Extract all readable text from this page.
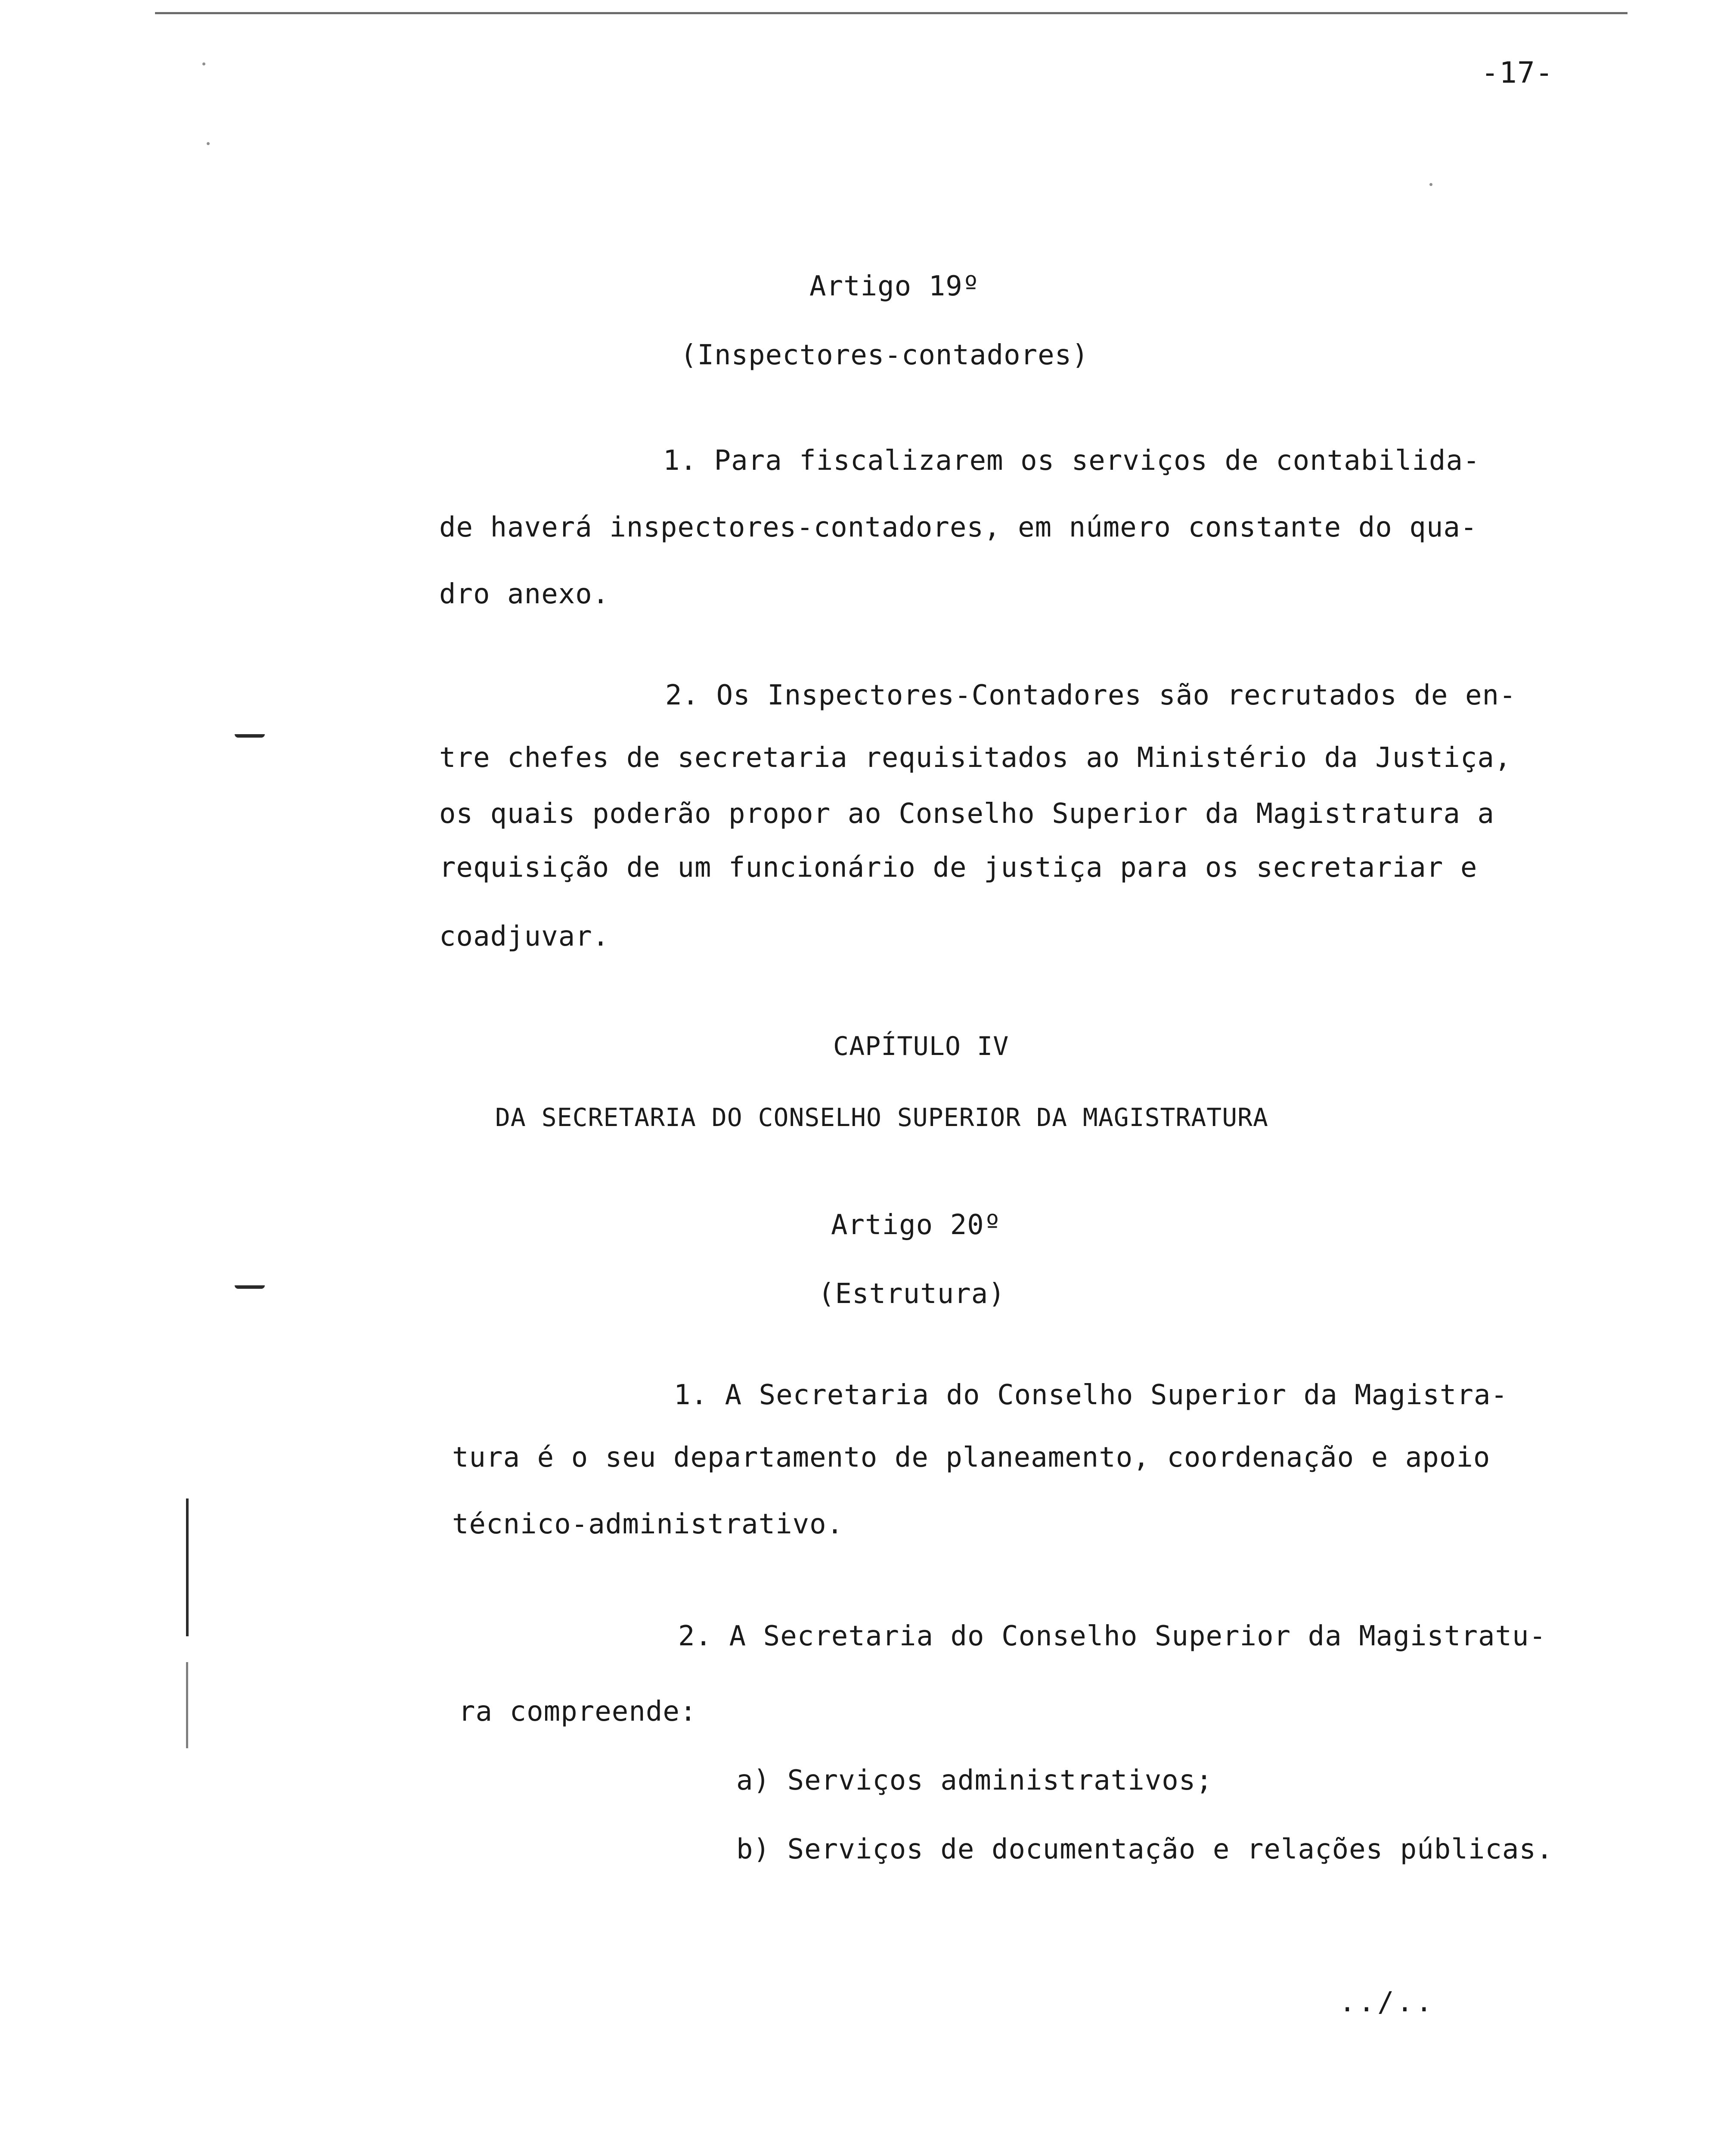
-17-
Artigo 19º
(Inspectores-contadores)
1. Para fiscalizarem os serviços de contabilida-
de haverá inspectores-contadores, em número constante do qua-
dro anexo.
2. Os Inspectores-Contadores são recrutados de en-
tre chefes de secretaria requisitados ao Ministério da Justiça,
os quais poderão propor ao Conselho Superior da Magistratura a
requisição de um funcionário de justiça para os secretariar e
coadjuvar.
CAPÍTULO IV
DA SECRETARIA DO CONSELHO SUPERIOR DA MAGISTRATURA
Artigo 20º
(Estrutura)
1. A Secretaria do Conselho Superior da Magistra-
tura é o seu departamento de planeamento, coordenação e apoio
técnico-administrativo.
2. A Secretaria do Conselho Superior da Magistratu-
ra compreende:
a) Serviços administrativos;
b) Serviços de documentação e relações públicas.
../..
